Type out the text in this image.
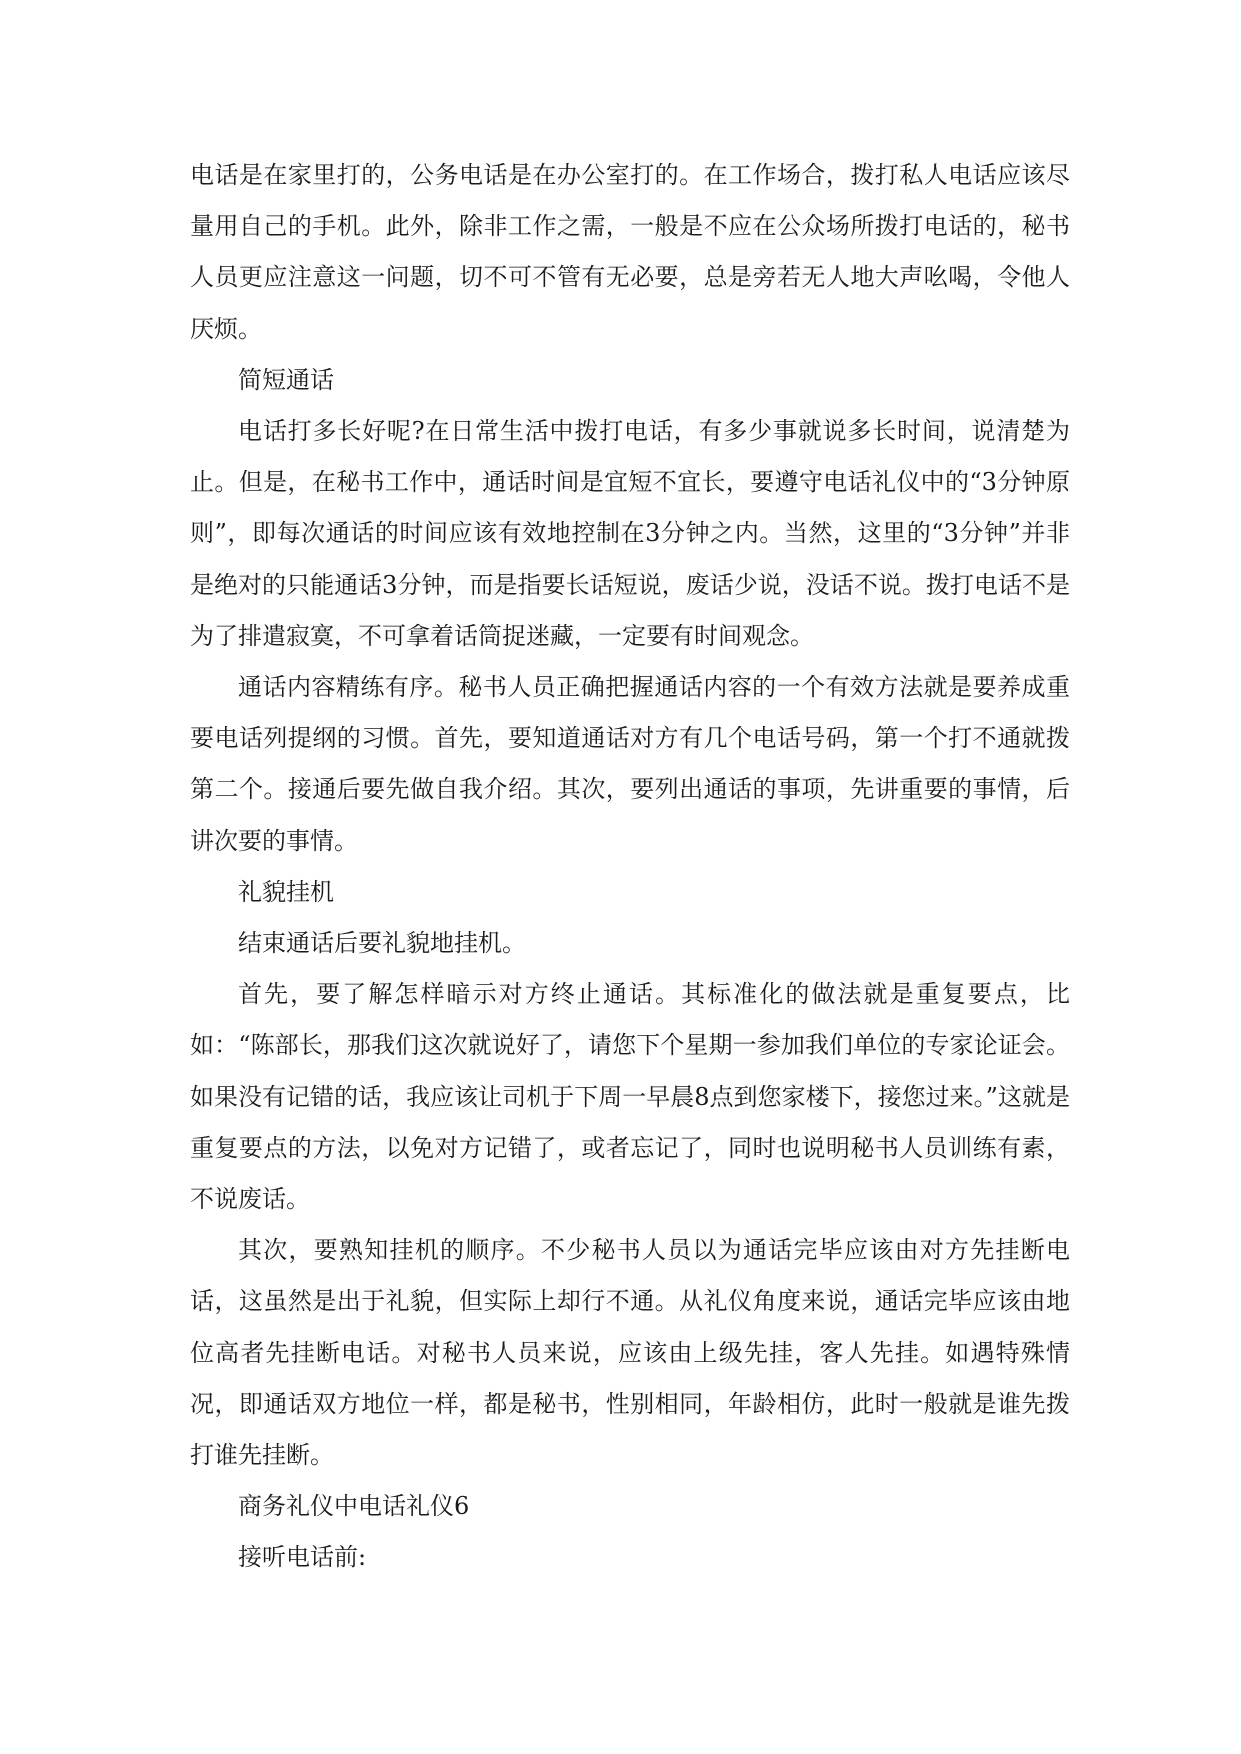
电话是在家里打的，公务电话是在办公室打的。在工作场合，拨打私人电话应该尽量用自己的手机。此外，除非工作之需，一般是不应在公众场所拨打电话的，秘书人员更应注意这一问题，切不可不管有无必要，总是旁若无人地大声吆喝，令他人厌烦。

简短通话

电话打多长好呢?在日常生活中拨打电话，有多少事就说多长时间，说清楚为止。但是，在秘书工作中，通话时间是宜短不宜长，要遵守电话礼仪中的“3分钟原则”，即每次通话的时间应该有效地控制在3分钟之内。当然，这里的“3分钟”并非是绝对的只能通话3分钟，而是指要长话短说，废话少说，没话不说。拨打电话不是为了排遣寂寞，不可拿着话筒捉迷藏，一定要有时间观念。

通话内容精练有序。秘书人员正确把握通话内容的一个有效方法就是要养成重要电话列提纲的习惯。首先，要知道通话对方有几个电话号码，第一个打不通就拨第二个。接通后要先做自我介绍。其次，要列出通话的事项，先讲重要的事情，后讲次要的事情。

礼貌挂机

结束通话后要礼貌地挂机。

首先，要了解怎样暗示对方终止通话。其标准化的做法就是重复要点，比如：“陈部长，那我们这次就说好了，请您下个星期一参加我们单位的专家论证会。如果没有记错的话，我应该让司机于下周一早晨8点到您家楼下，接您过来。”这就是重复要点的方法，以免对方记错了，或者忘记了，同时也说明秘书人员训练有素，不说废话。

其次，要熟知挂机的顺序。不少秘书人员以为通话完毕应该由对方先挂断电话，这虽然是出于礼貌，但实际上却行不通。从礼仪角度来说，通话完毕应该由地位高者先挂断电话。对秘书人员来说，应该由上级先挂，客人先挂。如遇特殊情况，即通话双方地位一样，都是秘书，性别相同，年龄相仿，此时一般就是谁先拨打谁先挂断。

商务礼仪中电话礼仪6

接听电话前:
